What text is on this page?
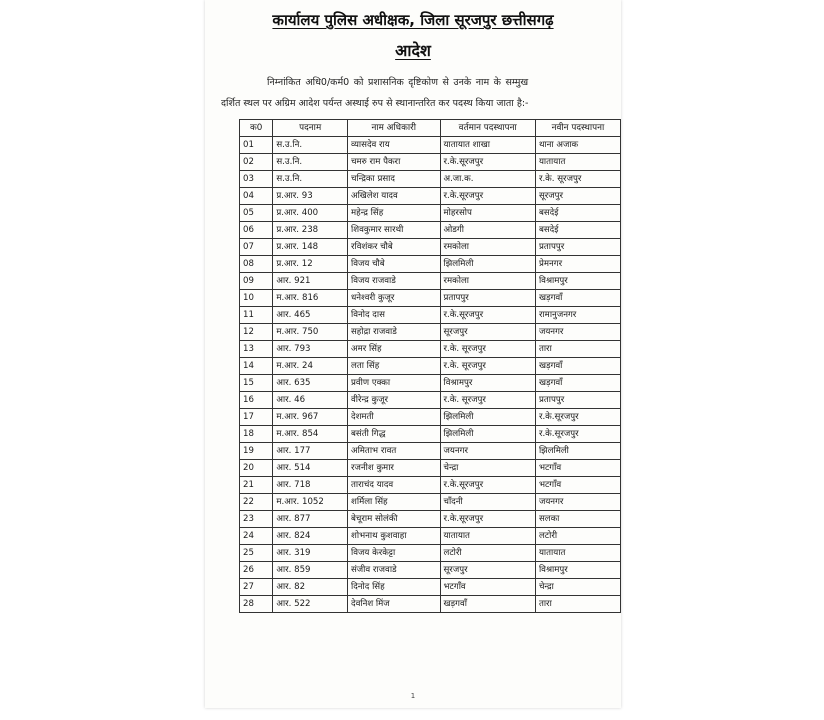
कार्यालय पुलिस अधीक्षक, जिला सूरजपुर छत्तीसगढ़
आदेश
निम्नांकित अधि0/कर्म0 को प्रशासनिक दृष्टिकोण से उनके नाम के सम्मुख
दर्शित स्थल पर अग्रिम आदेश पर्यन्त अस्थाई रुप से स्थानान्तरित कर पदस्थ किया जाता है:-
क0	पदनाम	नाम अधिकारी	वर्तमान पदस्थापना	नवीन पदस्थापना
01	स.उ.नि.	व्यासदेव राय	यातायात शाखा	थाना अजाक
02	स.उ.नि.	चमरु राम पैकरा	र.के.सूरजपुर	यातायात
03	स.उ.नि.	चन्द्रिका प्रसाद	अ.जा.क.	र.के. सूरजपुर
04	प्र.आर. 93	अखिलेश यादव	र.के.सूरजपुर	सूरजपुर
05	प्र.आर. 400	महेन्द्र सिंह	मोहरसोप	बसदेई
06	प्र.आर. 238	शिवकुमार सारथी	ओडगी	बसदेई
07	प्र.आर. 148	रविशंकर चौबे	रमकोला	प्रतापपुर
08	प्र.आर. 12	विजय चौबे	झिलमिली	प्रेमनगर
09	आर. 921	विजय राजवाडे	रमकोला	विश्रामपुर
10	म.आर. 816	धनेश्वरी कुजूर	प्रतापपुर	खड़गवाँ
11	आर. 465	विनोद दास	र.के.सूरजपुर	रामानुजनगर
12	म.आर. 750	सहोद्रा राजवाडे	सूरजपुर	जयनगर
13	आर. 793	अमर सिंह	र.के. सूरजपुर	तारा
14	म.आर. 24	लता सिंह	र.के. सूरजपुर	खड़गवाँ
15	आर. 635	प्रवीण एक्का	विश्रामपुर	खड़गवाँ
16	आर. 46	वीरेन्द्र कुजूर	र.के. सूरजपुर	प्रतापपुर
17	म.आर. 967	देशमती	झिलमिली	र.के.सूरजपुर
18	म.आर. 854	बसंती गिद्ध	झिलमिली	र.के.सूरजपुर
19	आर. 177	अमिताभ रावत	जयनगर	झिलमिली
20	आर. 514	रजनीश कुमार	चेन्द्रा	भटगाँव
21	आर. 718	ताराचंद यादव	र.के.सूरजपुर	भटगाँव
22	म.आर. 1052	शर्मिला सिंह	चाँदनी	जयनगर
23	आर. 877	बेचूराम सोलंकी	र.के.सूरजपुर	सलका
24	आर. 824	शोभनाथ कुशवाहा	यातायात	लटोरी
25	आर. 319	विजय केरकेट्टा	लटोरी	यातायात
26	आर. 859	संजीव राजवाडे	सूरजपुर	विश्रामपुर
27	आर. 82	दिनोद सिंह	भटगाँव	चेन्द्रा
28	आर. 522	देवनिश मिंज	खड़गवाँ	तारा
1
